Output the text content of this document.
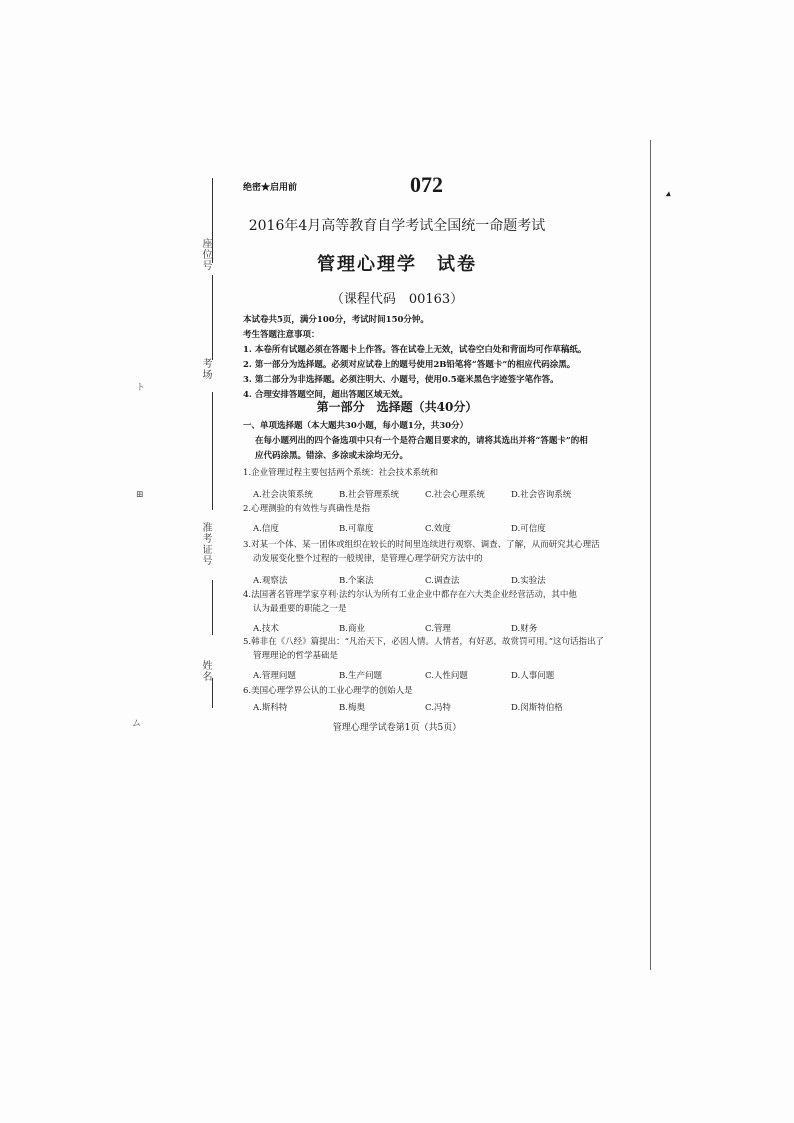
座位号
考场
准考证号
姓名
ト
⊞
ム
绝密★启用前	072
2016年4月高等教育自学考试全国统一命题考试
管理心理学　试卷
（课程代码　00163）
本试卷共5页，满分100分，考试时间150分钟。
考生答题注意事项：
1. 本卷所有试题必须在答题卡上作答。答在试卷上无效，试卷空白处和背面均可作草稿纸。
2. 第一部分为选择题。必须对应试卷上的题号使用2B铅笔将“答题卡”的相应代码涂黑。
3. 第二部分为非选择题。必须注明大、小题号，使用0.5毫米黑色字迹签字笔作答。
4. 合理安排答题空间，超出答题区域无效。
第一部分　选择题（共40分）
一、单项选择题（本大题共30小题，每小题1分，共30分）
在每小题列出的四个备选项中只有一个是符合题目要求的，请将其选出并将“答题卡”的相
应代码涂黑。错涂、多涂或未涂均无分。
1.企业管理过程主要包括两个系统：社会技术系统和
A.社会决策系统	B.社会管理系统	C.社会心理系统	D.社会咨询系统
2.心理测验的有效性与真确性是指
A.信度	B.可靠度	C.效度	D.可信度
3.对某一个体、某一团体或组织在较长的时间里连续进行观察、调查、了解，从而研究其心理活
动发展变化整个过程的一般规律，是管理心理学研究方法中的
A.观察法	B.个案法	C.调查法	D.实验法
4.法国著名管理学家亨利·法约尔认为所有工业企业中都存在六大类企业经营活动，其中他
认为最重要的职能之一是
A.技术	B.商业	C.管理	D.财务
5.韩非在《八经》篇提出：“凡治天下，必因人情。人情者，有好恶，故赏罚可用。”这句话指出了
管理理论的哲学基础是
A.管理问题	B.生产问题	C.人性问题	D.人事问题
6.美国心理学界公认的工业心理学的创始人是
A.斯科特	B.梅奥	C.冯特	D.闵斯特伯格
管理心理学试卷第1页（共5页）
